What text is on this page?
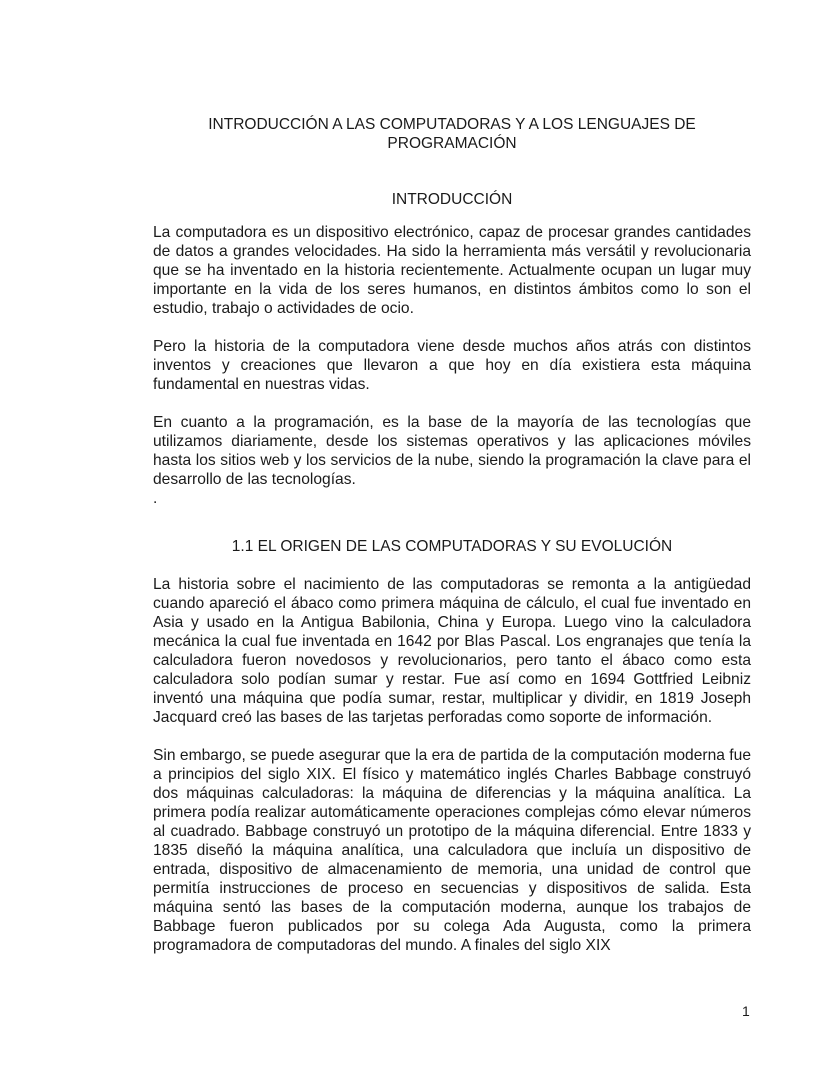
INTRODUCCIÓN A LAS COMPUTADORAS Y A LOS LENGUAJES DE
PROGRAMACIÓN
INTRODUCCIÓN

La computadora es un dispositivo electrónico, capaz de procesar grandes cantidades de datos a grandes velocidades. Ha sido la herramienta más versátil y revolucionaria que se ha inventado en la historia recientemente. Actualmente ocupan un lugar muy importante en la vida de los seres humanos, en distintos ámbitos como lo son el estudio, trabajo o actividades de ocio.

Pero la historia de la computadora viene desde muchos años atrás con distintos inventos y creaciones que llevaron a que hoy en día existiera esta máquina fundamental en nuestras vidas.

En cuanto a la programación, es la base de la mayoría de las tecnologías que utilizamos diariamente, desde los sistemas operativos y las aplicaciones móviles hasta los sitios web y los servicios de la nube, siendo la programación la clave para el desarrollo de las tecnologías.

.
1.1 EL ORIGEN DE LAS COMPUTADORAS Y SU EVOLUCIÓN

La historia sobre el nacimiento de las computadoras se remonta a la antigüedad cuando apareció el ábaco como primera máquina de cálculo, el cual fue inventado en Asia y usado en la Antigua Babilonia, China y Europa. Luego vino la calculadora mecánica la cual fue inventada en 1642 por Blas Pascal. Los engranajes que tenía la calculadora fueron novedosos y revolucionarios, pero tanto el ábaco como esta calculadora solo podían sumar y restar. Fue así como en 1694 Gottfried Leibniz inventó una máquina que podía sumar, restar, multiplicar y dividir, en 1819 Joseph Jacquard creó las bases de las tarjetas perforadas como soporte de información.

Sin embargo, se puede asegurar que la era de partida de la computación moderna fue a principios del siglo XIX. El físico y matemático inglés Charles Babbage construyó dos máquinas calculadoras: la máquina de diferencias y la máquina analítica. La primera podía realizar automáticamente operaciones complejas cómo elevar números al cuadrado. Babbage construyó un prototipo de la máquina diferencial. Entre 1833 y 1835 diseñó la máquina analítica, una calculadora que incluía un dispositivo de entrada, dispositivo de almacenamiento de memoria, una unidad de control que permitía instrucciones de proceso en secuencias y dispositivos de salida. Esta máquina sentó las bases de la computación moderna, aunque los trabajos de Babbage fueron publicados por su colega Ada Augusta, como la primera programadora de computadoras del mundo. A finales del siglo XIX

1
